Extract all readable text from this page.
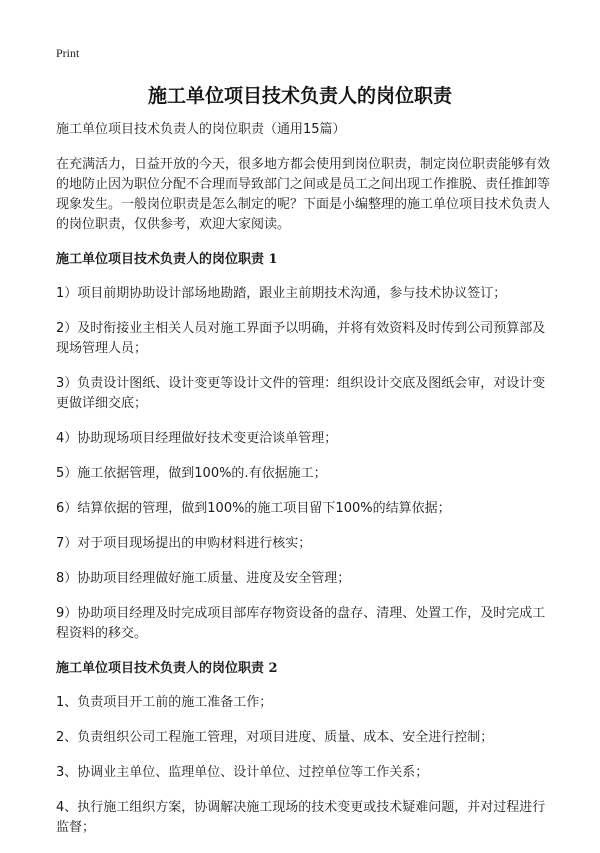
Print
施工单位项目技术负责人的岗位职责

施工单位项目技术负责人的岗位职责（通用15篇）

在充满活力，日益开放的今天，很多地方都会使用到岗位职责，制定岗位职责能够有效的地防止因为职位分配不合理而导致部门之间或是员工之间出现工作推脱、责任推卸等现象发生。一般岗位职责是怎么制定的呢？下面是小编整理的施工单位项目技术负责人的岗位职责，仅供参考，欢迎大家阅读。

施工单位项目技术负责人的岗位职责 1

1）项目前期协助设计部场地勘踏，跟业主前期技术沟通，参与技术协议签订；

2）及时衔接业主相关人员对施工界面予以明确，并将有效资料及时传到公司预算部及现场管理人员；

3）负责设计图纸、设计变更等设计文件的管理：组织设计交底及图纸会审，对设计变更做详细交底；

4）协助现场项目经理做好技术变更洽谈单管理；

5）施工依据管理，做到100%的.有依据施工；

6）结算依据的管理，做到100%的施工项目留下100%的结算依据；

7）对于项目现场提出的申购材料进行核实；

8）协助项目经理做好施工质量、进度及安全管理；

9）协助项目经理及时完成项目部库存物资设备的盘存、清理、处置工作，及时完成工程资料的移交。

施工单位项目技术负责人的岗位职责 2

1、负责项目开工前的施工准备工作；

2、负责组织公司工程施工管理，对项目进度、质量、成本、安全进行控制；

3、协调业主单位、监理单位、设计单位、过控单位等工作关系；

4、执行施工组织方案，协调解决施工现场的技术变更或技术疑难问题，并对过程进行监督；
